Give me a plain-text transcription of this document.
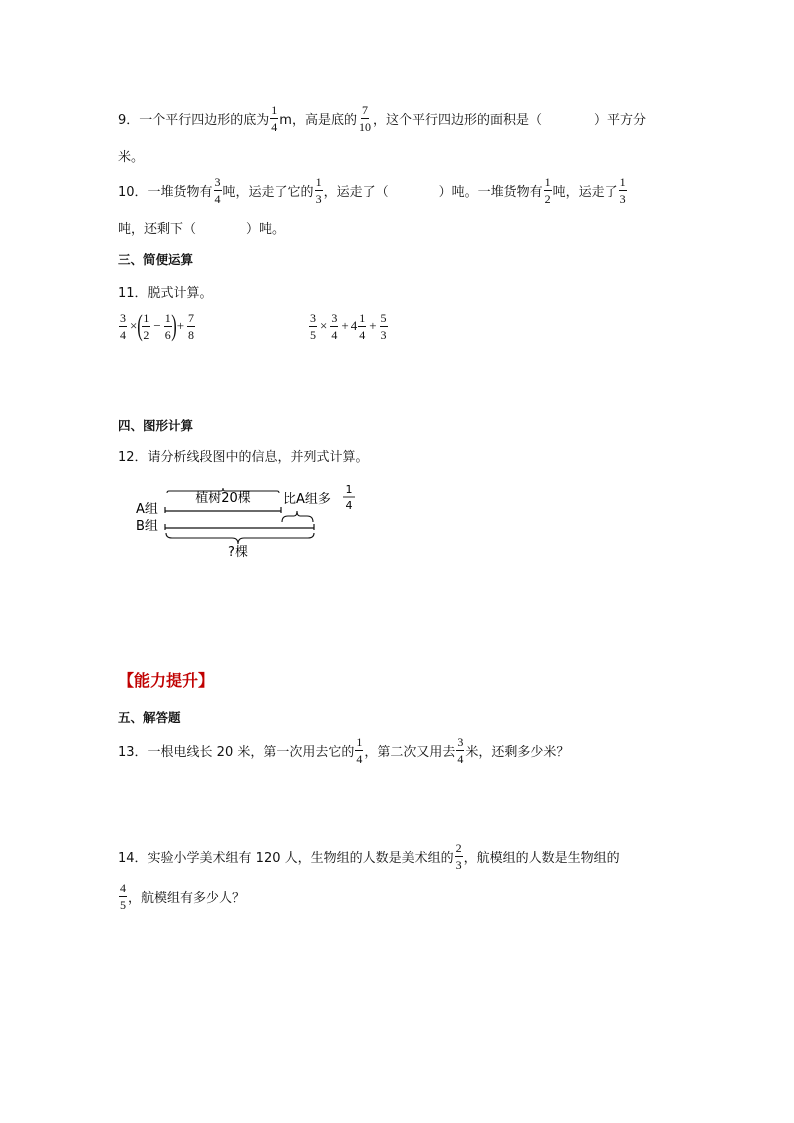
9．一个平行四边形的底为 $\frac{1}{4}$ m，高是底的 $\frac{7}{10}$ ，这个平行四边形的面积是（	）平方分
米。
10．一堆货物有 $\frac{3}{4}$ 吨，运走了它的 $\frac{1}{3}$ ，运走了（	）吨。一堆货物有 $\frac{1}{2}$ 吨，运走了 $\frac{1}{3}$
吨，还剩下（	）吨。
三、简便运算
11．脱式计算。
$\frac{3}{4}$ × ( $\frac{1}{2} - \frac{1}{6}$ ) + $\frac{7}{8}$	$\frac{3}{5} \times \frac{3}{4} + 4 \frac{1}{4} + \frac{5}{3}$
四、图形计算
12．请分析线段图中的信息，并列式计算。
A组
B组
植树20棵 比A组多
1
4
?棵
【能力提升】
五、解答题
13．一根电线长 20 米，第一次用去它的 $\frac{1}{4}$ ，第二次又用去 $\frac{3}{4}$ 米，还剩多少米？
14．实验小学美术组有 120 人，生物组的人数是美术组的 $\frac{2}{3}$ ，航模组的人数是生物组的
$\frac{4}{5}$ ，航模组有多少人？
